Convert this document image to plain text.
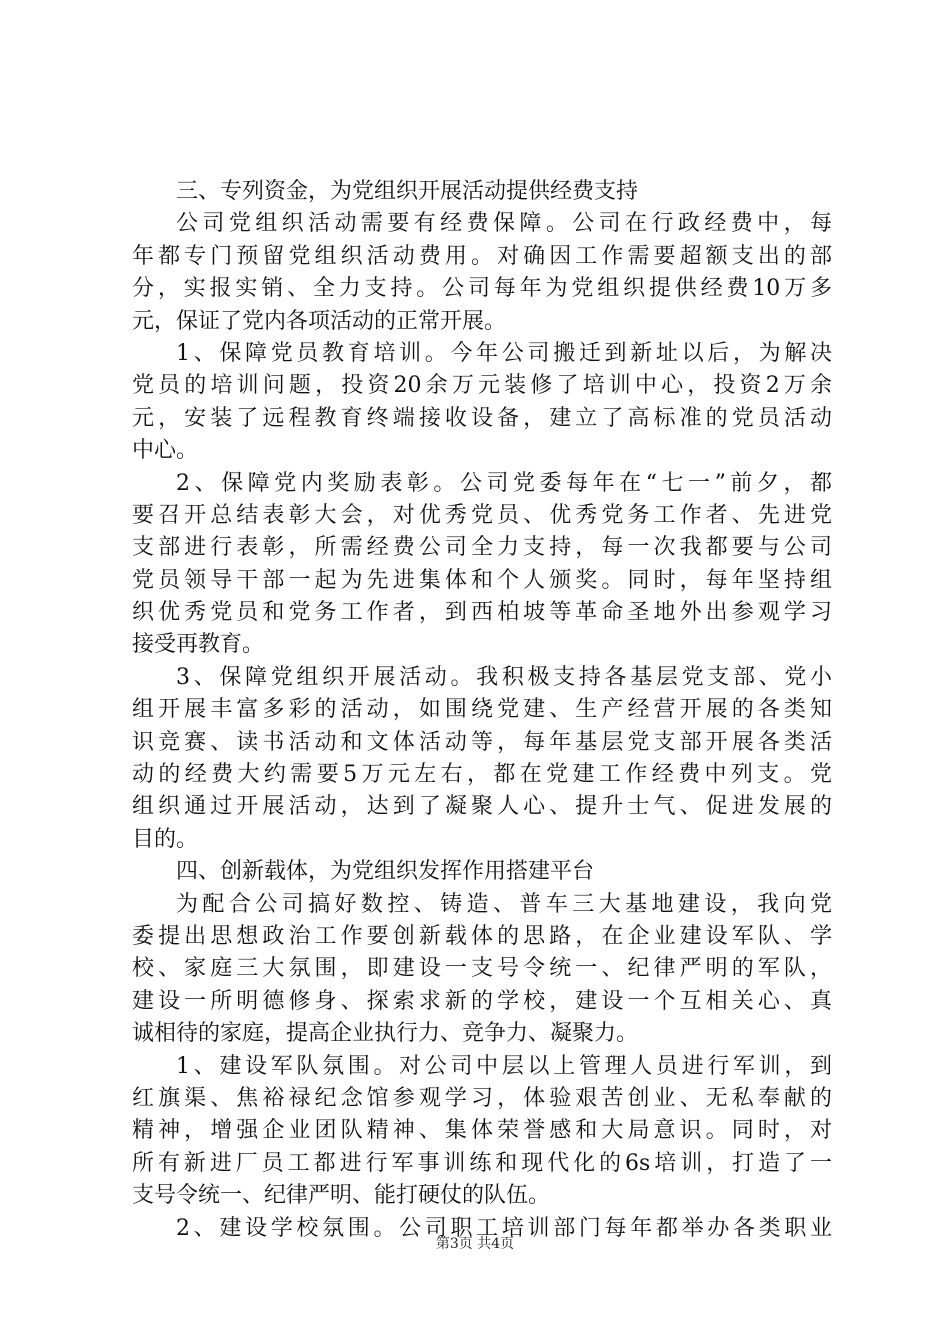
三、专列资金，为党组织开展活动提供经费支持
公司党组织活动需要有经费保障。公司在行政经费中，每
年都专门预留党组织活动费用。对确因工作需要超额支出的部
分，实报实销、全力支持。公司每年为党组织提供经费10万多
元，保证了党内各项活动的正常开展。
1、保障党员教育培训。今年公司搬迁到新址以后，为解决
党员的培训问题，投资20余万元装修了培训中心，投资2万余
元，安装了远程教育终端接收设备，建立了高标准的党员活动
中心。
2、保障党内奖励表彰。公司党委每年在“七一”前夕，都
要召开总结表彰大会，对优秀党员、优秀党务工作者、先进党
支部进行表彰，所需经费公司全力支持，每一次我都要与公司
党员领导干部一起为先进集体和个人颁奖。同时，每年坚持组
织优秀党员和党务工作者，到西柏坡等革命圣地外出参观学习
接受再教育。
3、保障党组织开展活动。我积极支持各基层党支部、党小
组开展丰富多彩的活动，如围绕党建、生产经营开展的各类知
识竞赛、读书活动和文体活动等，每年基层党支部开展各类活
动的经费大约需要5万元左右，都在党建工作经费中列支。党
组织通过开展活动，达到了凝聚人心、提升士气、促进发展的
目的。
四、创新载体，为党组织发挥作用搭建平台
为配合公司搞好数控、铸造、普车三大基地建设，我向党
委提出思想政治工作要创新载体的思路，在企业建设军队、学
校、家庭三大氛围，即建设一支号令统一、纪律严明的军队，
建设一所明德修身、探索求新的学校，建设一个互相关心、真
诚相待的家庭，提高企业执行力、竞争力、凝聚力。
1、建设军队氛围。对公司中层以上管理人员进行军训，到
红旗渠、焦裕禄纪念馆参观学习，体验艰苦创业、无私奉献的
精神，增强企业团队精神、集体荣誉感和大局意识。同时，对
所有新进厂员工都进行军事训练和现代化的6s培训，打造了一
支号令统一、纪律严明、能打硬仗的队伍。
2、建设学校氛围。公司职工培训部门每年都举办各类职业
第3页 共4页
